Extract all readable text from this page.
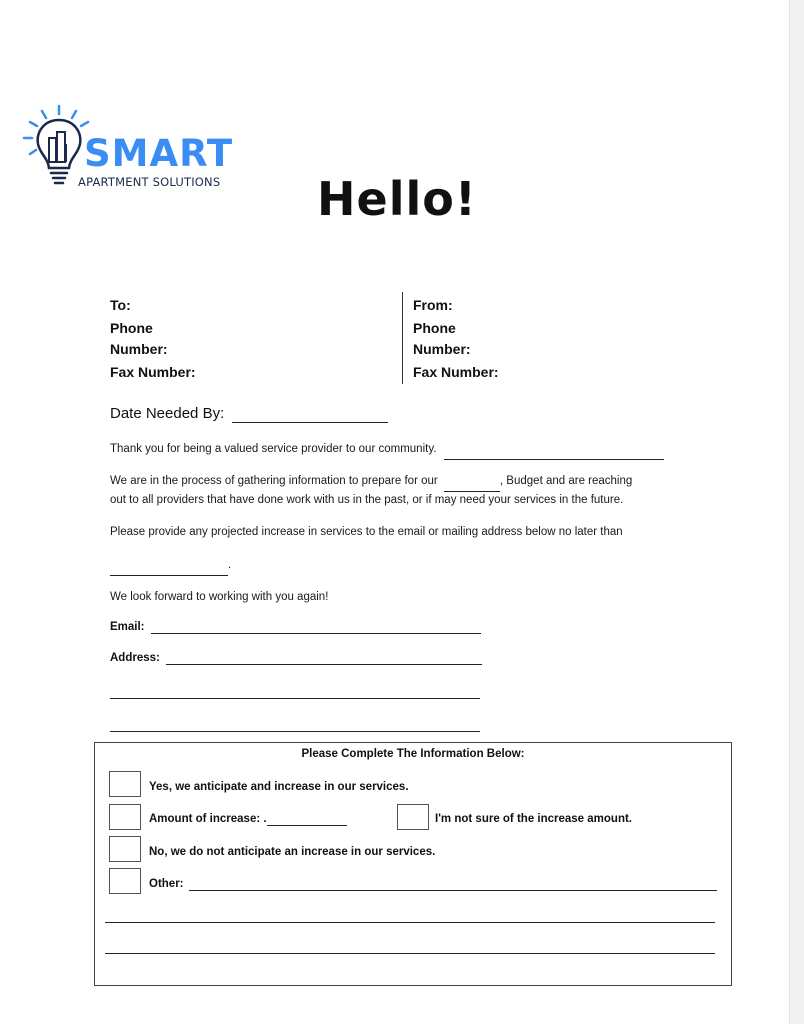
SMART
APARTMENT SOLUTIONS Hello!
To:
Phone
Number:
Fax Number:
From:
Phone
Number:
Fax Number:
Date Needed By:
Thank you for being a valued service provider to our community.
We are in the process of gathering information to prepare for our	, Budget and are reaching
out to all providers that have done work with us in the past, or if may need your services in the future.
Please provide any projected increase in services to the email or mailing address below no later than
.
We look forward to working with you again!
Email:
Address:
Please Complete The Information Below:
Yes, we anticipate and increase in our services.
Amount of increase: .	I'm not sure of the increase amount.
No, we do not anticipate an increase in our services.
Other:
